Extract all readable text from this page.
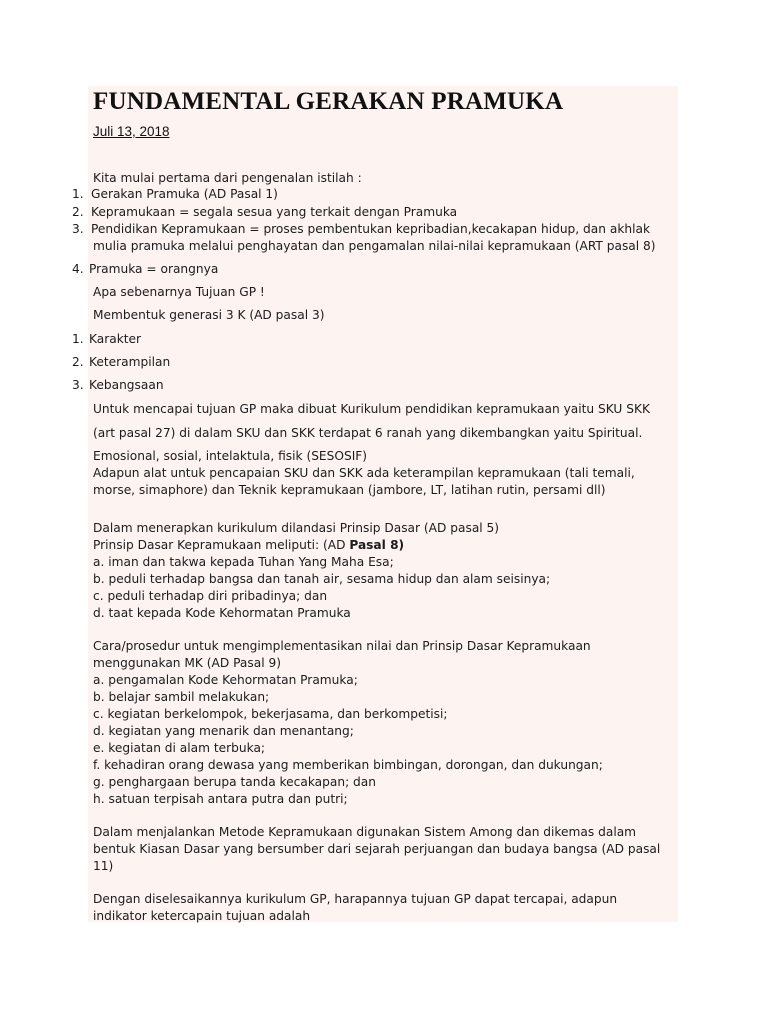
FUNDAMENTAL GERAKAN PRAMUKA
Juli 13, 2018
Kita mulai pertama dari pengenalan istilah :
1. Gerakan Pramuka (AD Pasal 1)
2. Kepramukaan = segala sesua yang terkait dengan Pramuka
3. Pendidikan Kepramukaan = proses pembentukan kepribadian,kecakapan hidup, dan akhlak
mulia pramuka melalui penghayatan dan pengamalan nilai-nilai kepramukaan (ART pasal 8)
4. Pramuka = orangnya
Apa sebenarnya Tujuan GP !
Membentuk generasi 3 K (AD pasal 3)
1. Karakter
2. Keterampilan
3. Kebangsaan
Untuk mencapai tujuan GP maka dibuat Kurikulum pendidikan kepramukaan yaitu SKU SKK
(art pasal 27) di dalam SKU dan SKK terdapat 6 ranah yang dikembangkan yaitu Spiritual.
Emosional, sosial, intelaktula, fisik (SESOSIF)
Adapun alat untuk pencapaian SKU dan SKK ada keterampilan kepramukaan (tali temali,
morse, simaphore) dan Teknik kepramukaan (jambore, LT, latihan rutin, persami dll)
Dalam menerapkan kurikulum dilandasi Prinsip Dasar (AD pasal 5)
Prinsip Dasar Kepramukaan meliputi: (AD Pasal 8)
a. iman dan takwa kepada Tuhan Yang Maha Esa;
b. peduli terhadap bangsa dan tanah air, sesama hidup dan alam seisinya;
c. peduli terhadap diri pribadinya; dan
d. taat kepada Kode Kehormatan Pramuka
Cara/prosedur untuk mengimplementasikan nilai dan Prinsip Dasar Kepramukaan
menggunakan MK (AD Pasal 9)
a. pengamalan Kode Kehormatan Pramuka;
b. belajar sambil melakukan;
c. kegiatan berkelompok, bekerjasama, dan berkompetisi;
d. kegiatan yang menarik dan menantang;
e. kegiatan di alam terbuka;
f. kehadiran orang dewasa yang memberikan bimbingan, dorongan, dan dukungan;
g. penghargaan berupa tanda kecakapan; dan
h. satuan terpisah antara putra dan putri;
Dalam menjalankan Metode Kepramukaan digunakan Sistem Among dan dikemas dalam
bentuk Kiasan Dasar yang bersumber dari sejarah perjuangan dan budaya bangsa (AD pasal
11)
Dengan diselesaikannya kurikulum GP, harapannya tujuan GP dapat tercapai, adapun
indikator ketercapain tujuan adalah
